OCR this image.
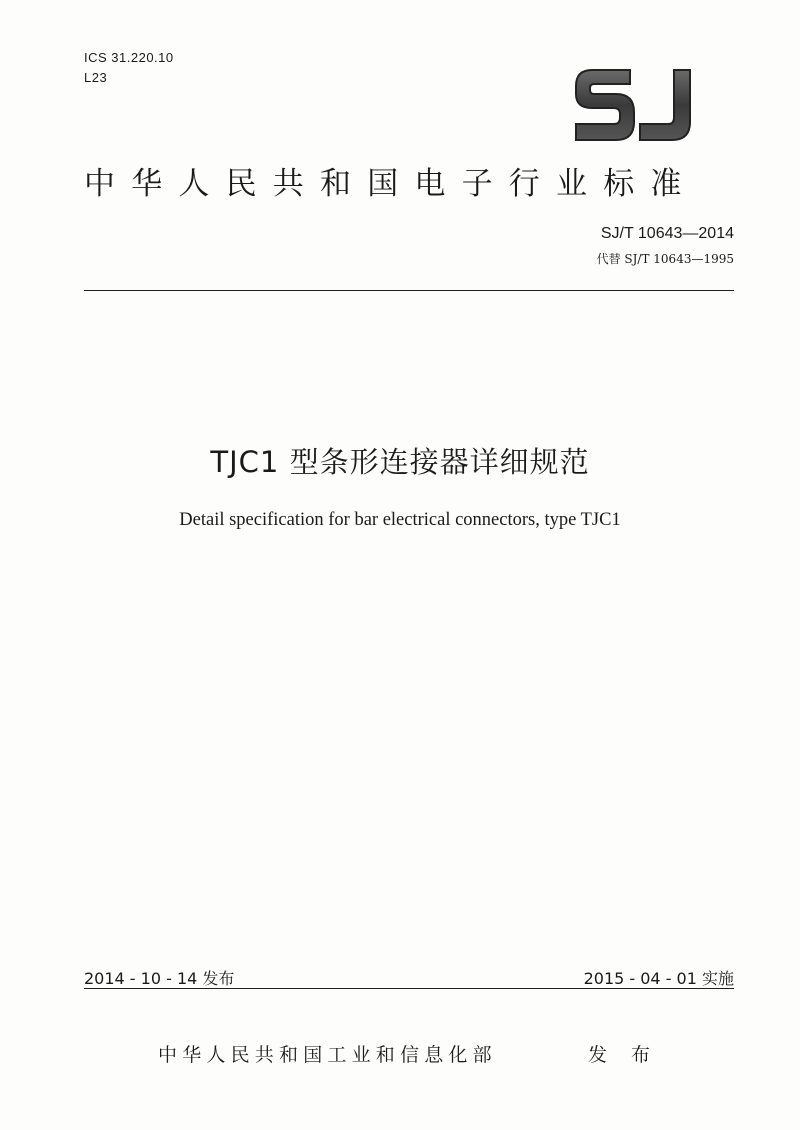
ICS 31.220.10
L23
中华人民共和国电子行业标准
SJ/T 10643—2014
代替 SJ/T 10643—1995
TJC1 型条形连接器详细规范
Detail specification for bar electrical connectors, type TJC1
2014 - 10 - 14 发布	2015 - 04 - 01 实施
中华人民共和国工业和信息化部	发 布
